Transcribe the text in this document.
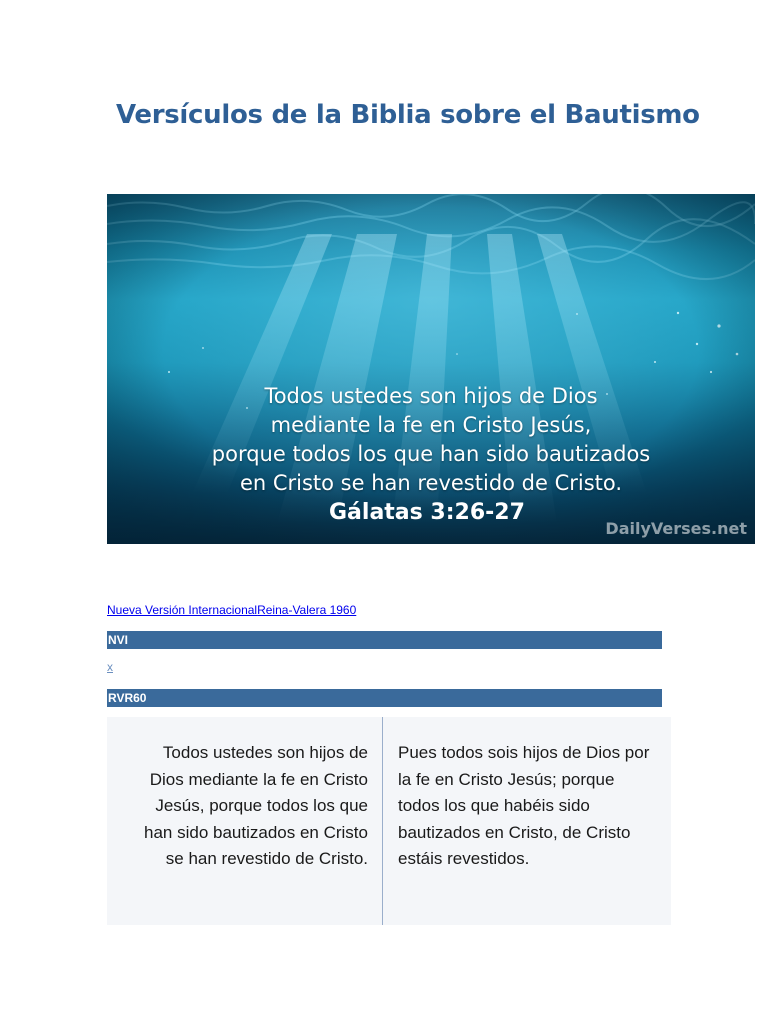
Versículos de la Biblia sobre el Bautismo
Todos ustedes son hijos de Dios
mediante la fe en Cristo Jesús,
porque todos los que han sido bautizados
en Cristo se han revestido de Cristo.
Gálatas 3:26-27
DailyVerses.net
Nueva Versión InternacionalReina-Valera 1960
NVI
x
RVR60
Todos ustedes son hijos de
Dios mediante la fe en Cristo
Jesús, porque todos los que
han sido bautizados en Cristo
se han revestido de Cristo.
Pues todos sois hijos de Dios por
la fe en Cristo Jesús; porque
todos los que habéis sido
bautizados en Cristo, de Cristo
estáis revestidos.
